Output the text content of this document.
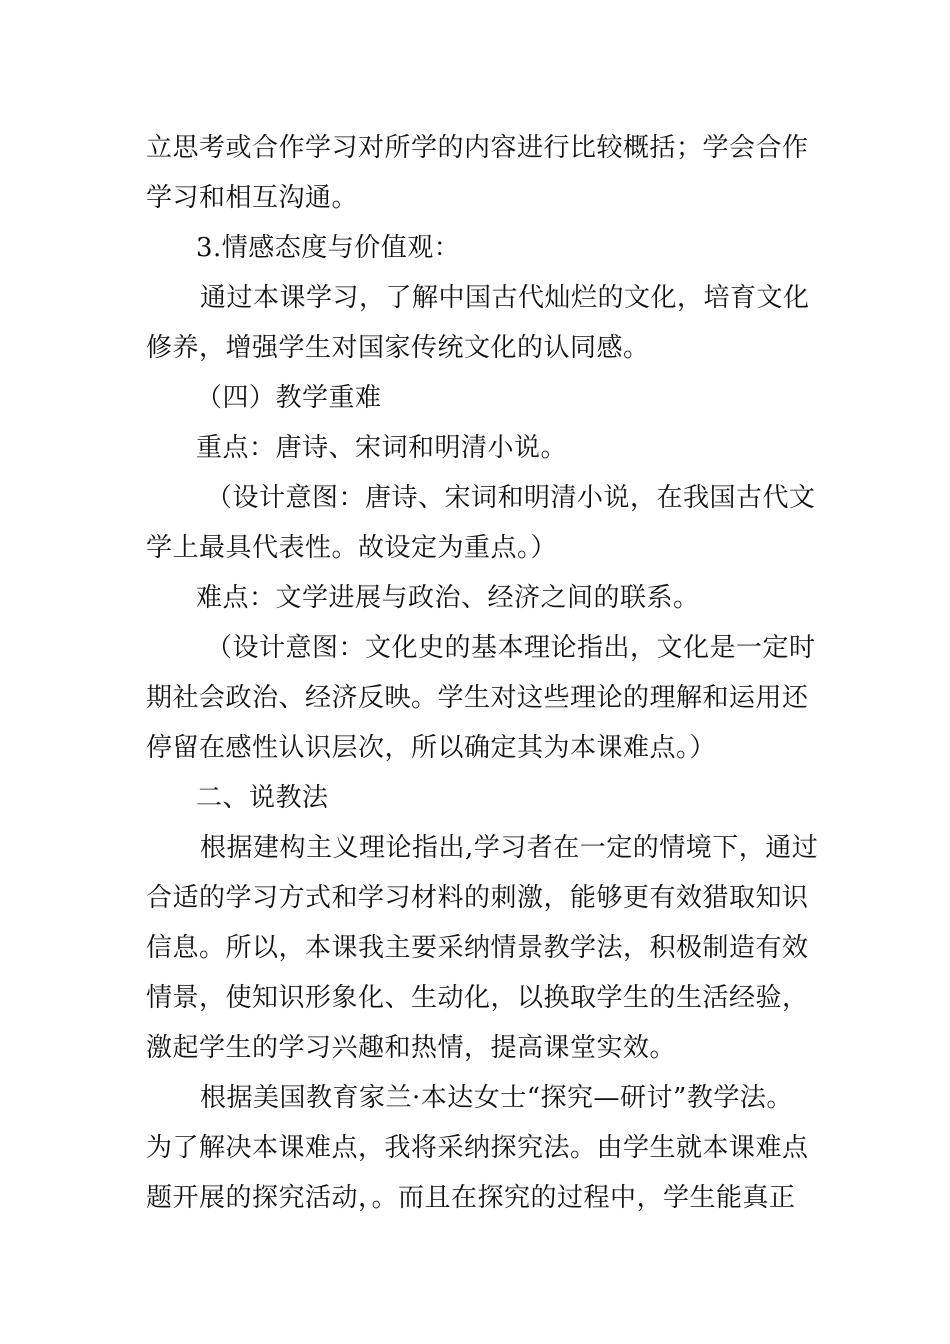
立思考或合作学习对所学的内容进行比较概括；学会合作
学习和相互沟通。
3.情感态度与价值观：
通过本课学习，了解中国古代灿烂的文化，培育文化
修养，增强学生对国家传统文化的认同感。
（四）教学重难
重点：唐诗、宋词和明清小说。
（设计意图：唐诗、宋词和明清小说，在我国古代文
学上最具代表性。故设定为重点。）
难点：文学进展与政治、经济之间的联系。
（设计意图：文化史的基本理论指出，文化是一定时
期社会政治、经济反映。学生对这些理论的理解和运用还
停留在感性认识层次，所以确定其为本课难点。）
二、说教法
根据建构主义理论指出,学习者在一定的情境下，通过
合适的学习方式和学习材料的刺激，能够更有效猎取知识
信息。所以，本课我主要采纳情景教学法，积极制造有效
情景，使知识形象化、生动化，以换取学生的生活经验，
激起学生的学习兴趣和热情，提高课堂实效。
根据美国教育家兰·本达女士“探究—研讨”教学法。
为了解决本课难点，我将采纳探究法。由学生就本课难点
题开展的探究活动，。而且在探究的过程中，学生能真正
